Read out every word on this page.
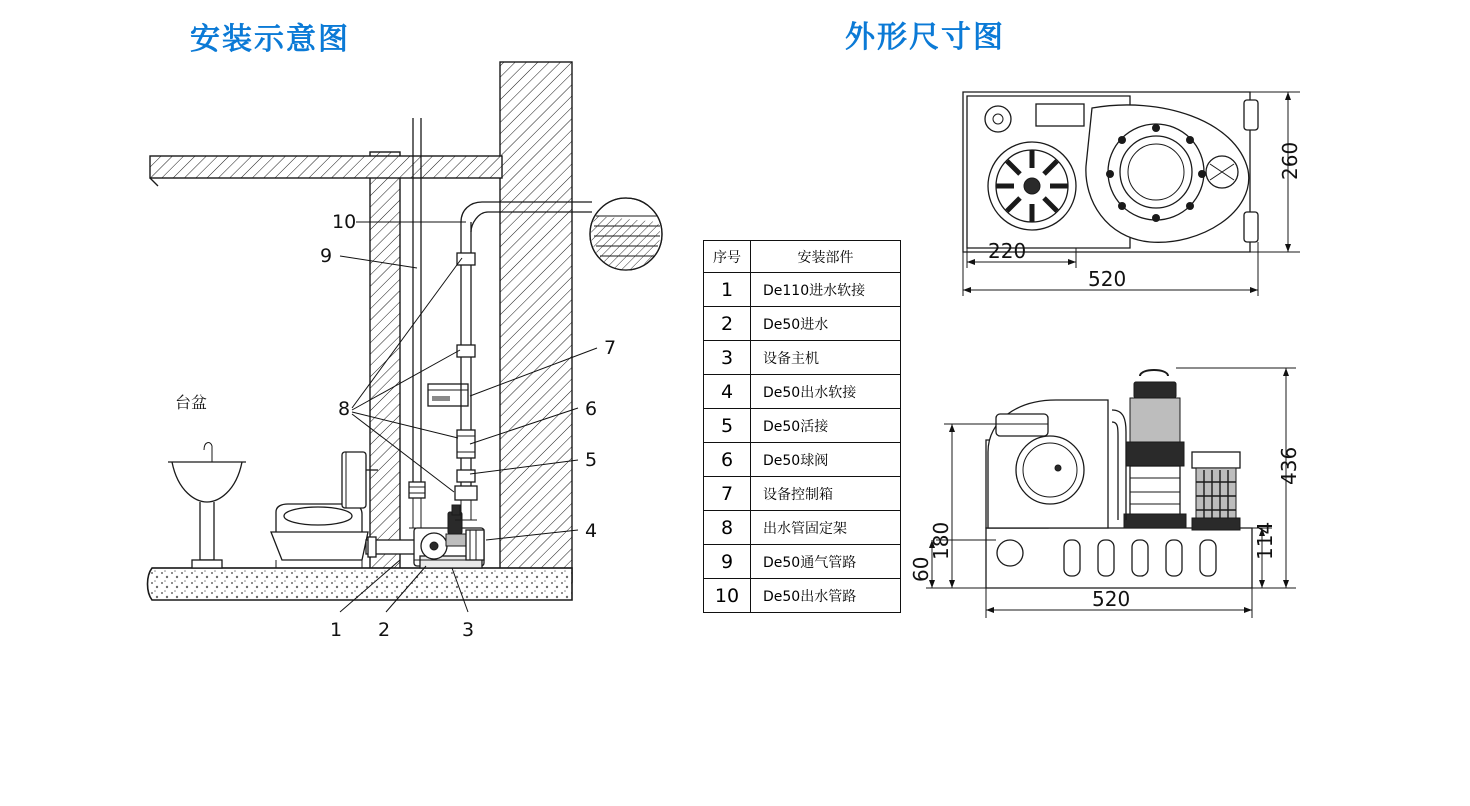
安装示意图	外形尺寸图
台盆
10
9
8
7
6
5
4
1 2	3
260
220
520
436
114
180
60
520
序号	安装部件
1	De110进水软接
2	De50进水
3	设备主机
4	De50出水软接
5	De50活接
6	De50球阀
7	设备控制箱
8	出水管固定架
9	De50通气管路
10	De50出水管路
